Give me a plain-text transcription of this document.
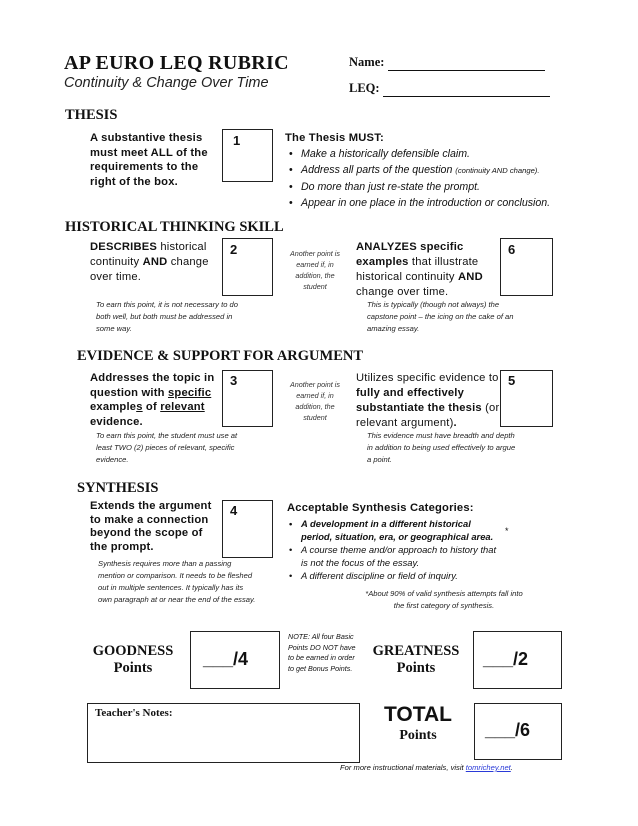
AP EURO LEQ RUBRIC
Continuity & Change Over Time
Name:
LEQ:
THESIS
A substantive thesis must meet ALL of the requirements to the right of the box.
1	The Thesis MUST:
• Make a historically defensible claim.
• Address all parts of the question (continuity AND change).
• Do more than just re-state the prompt.
• Appear in one place in the introduction or conclusion.
HISTORICAL THINKING SKILL
DESCRIBES historical continuity AND change over time.
2	Another point is earned if, in addition, the student
ANALYZES specific examples that illustrate historical continuity AND change over time.
6
To earn this point, it is not necessary to do both well, but both must be addressed in some way.
This is typically (though not always) the capstone point – the icing on the cake of an amazing essay.
EVIDENCE & SUPPORT FOR ARGUMENT
Addresses the topic in question with specific examples of relevant evidence.
3	Another point is earned if, in addition, the student
Utilizes specific evidence to fully and effectively substantiate the thesis (or relevant argument).
5
To earn this point, the student must use at least TWO (2) pieces of relevant, specific evidence.
This evidence must have breadth and depth in addition to being used effectively to argue a point.
SYNTHESIS
Extends the argument to make a connection beyond the scope of the prompt.
4	Acceptable Synthesis Categories:
• A development in a different historical period, situation, era, or geographical area.
• A course theme and/or approach to history that is not the focus of the essay.
• A different discipline or field of inquiry.
*
Synthesis requires more than a passing mention or comparison. It needs to be fleshed out in multiple sentences. It typically has its own paragraph at or near the end of the essay.
*About 90% of valid synthesis attempts fall into the first category of synthesis.
GOODNESS
Points	___/4
NOTE: All four Basic Points DO NOT have to be earned in order to get Bonus Points.
GREATNESS
Points	___/2
Teacher's Notes:	TOTAL
Points	___/6
For more instructional materials, visit tomrichey.net.
